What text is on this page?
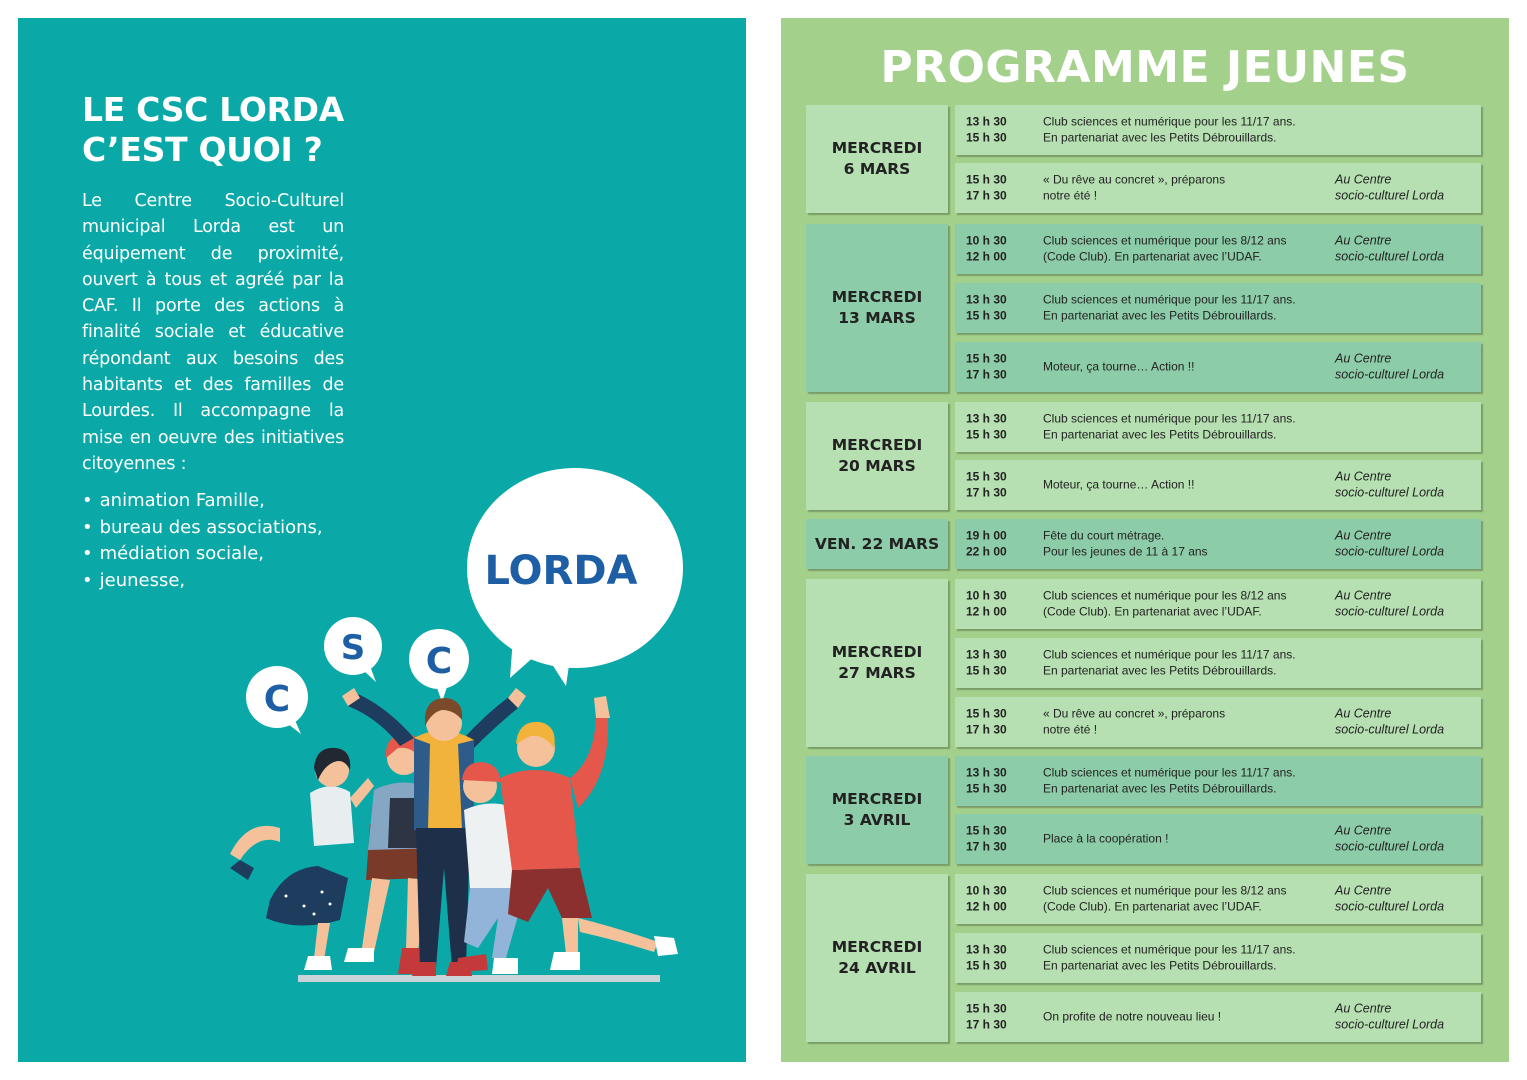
LE CSC LORDA
C’EST QUOI ?

Le Centre Socio-Culturel municipal Lorda est un équipement de proximité, ouvert à tous et agréé par la CAF. Il porte des actions à finalité sociale et éducative répondant aux besoins des habitants et des familles de Lourdes. Il accompagne la mise en oeuvre des initiatives citoyennes :

• animation Famille,
• bureau des associations,
• médiation sociale,
• jeunesse,
C
S C
LORDA
PROGRAMME JEUNES
MERCREDI
6 MARS
13 h 30
15 h 30
Club sciences et numérique pour les 11/17 ans.
En partenariat avec les Petits Débrouillards.
15 h 30
17 h 30
« Du rêve au concret », préparons
notre été !
Au Centre
socio-culturel Lorda
MERCREDI
13 MARS
10 h 30
12 h 00
Club sciences et numérique pour les 8/12 ans
(Code Club). En partenariat avec l’UDAF.
Au Centre
socio-culturel Lorda
13 h 30
15 h 30
Club sciences et numérique pour les 11/17 ans.
En partenariat avec les Petits Débrouillards.
15 h 30
17 h 30
Moteur, ça tourne… Action !!
Au Centre
socio-culturel Lorda
MERCREDI
20 MARS
13 h 30
15 h 30
Club sciences et numérique pour les 11/17 ans.
En partenariat avec les Petits Débrouillards.
15 h 30
17 h 30
Moteur, ça tourne… Action !!
Au Centre
socio-culturel Lorda
VEN. 22 MARS 19 h 00
22 h 00
Fête du court métrage.
Pour les jeunes de 11 à 17 ans
Au Centre
socio-culturel Lorda
MERCREDI
27 MARS
10 h 30
12 h 00
Club sciences et numérique pour les 8/12 ans
(Code Club). En partenariat avec l’UDAF.
Au Centre
socio-culturel Lorda
13 h 30
15 h 30
Club sciences et numérique pour les 11/17 ans.
En partenariat avec les Petits Débrouillards.
15 h 30
17 h 30
« Du rêve au concret », préparons
notre été !
Au Centre
socio-culturel Lorda
MERCREDI
3 AVRIL
13 h 30
15 h 30
Club sciences et numérique pour les 11/17 ans.
En partenariat avec les Petits Débrouillards.
15 h 30
17 h 30
Place à la coopération !
Au Centre
socio-culturel Lorda
MERCREDI
24 AVRIL
10 h 30
12 h 00
Club sciences et numérique pour les 8/12 ans
(Code Club). En partenariat avec l’UDAF.
Au Centre
socio-culturel Lorda
13 h 30
15 h 30
Club sciences et numérique pour les 11/17 ans.
En partenariat avec les Petits Débrouillards.
15 h 30
17 h 30
On profite de notre nouveau lieu !
Au Centre
socio-culturel Lorda
